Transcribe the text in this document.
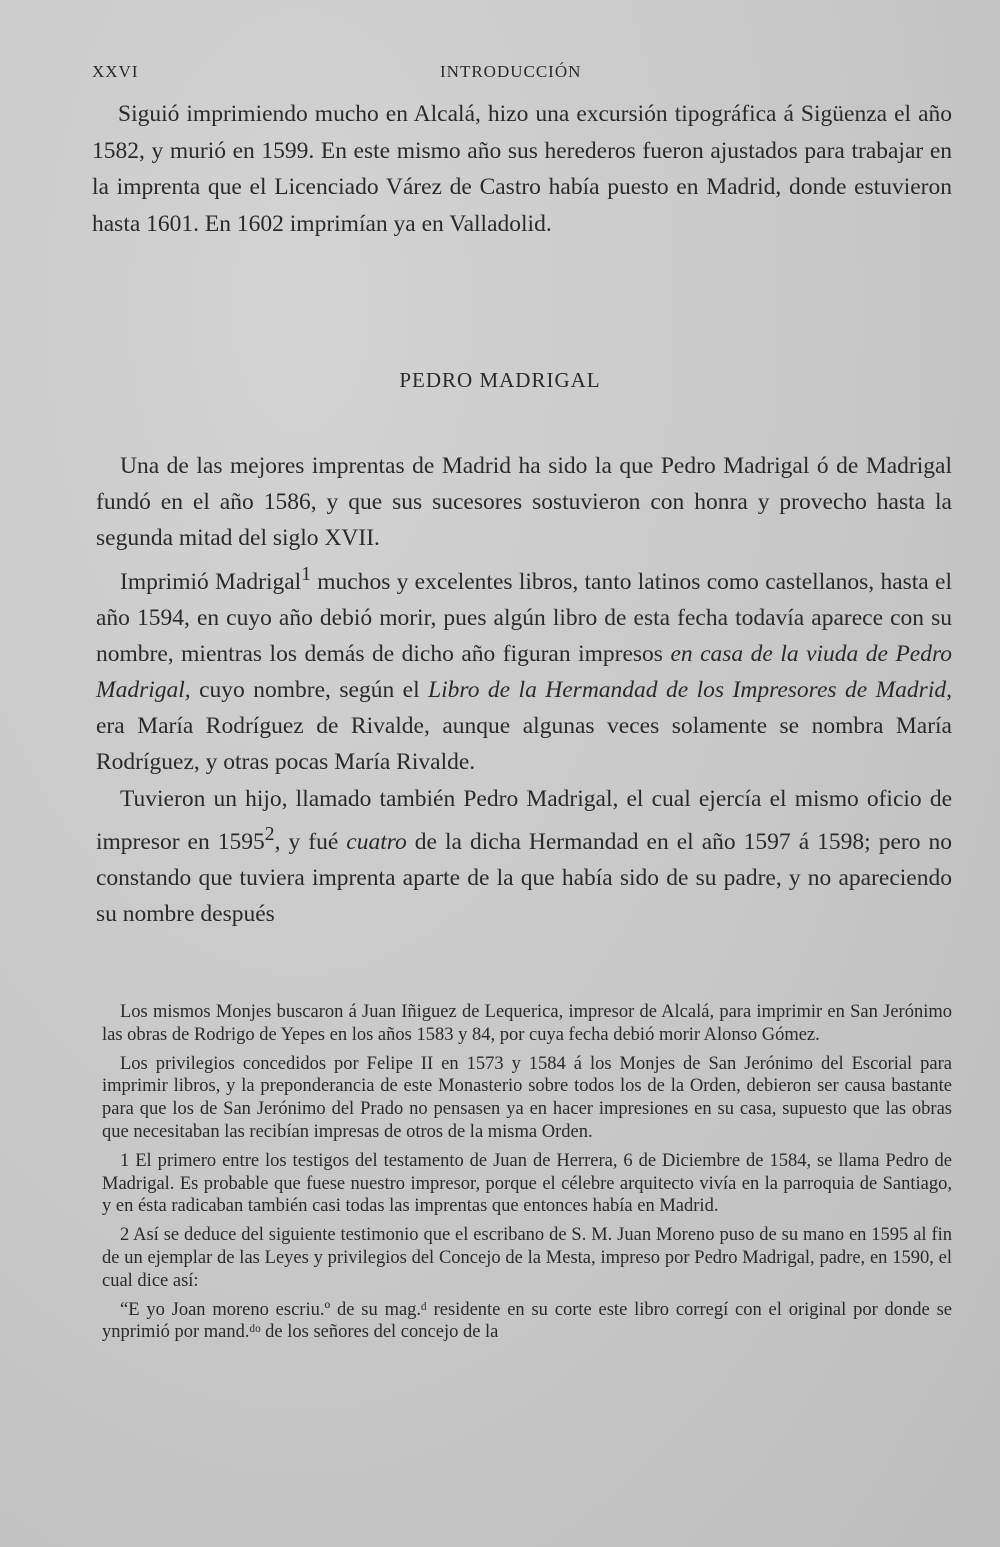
XXVI	INTRODUCCIÓN

Siguió imprimiendo mucho en Alcalá, hizo una excursión tipográfica á Sigüenza el año 1582, y murió en 1599. En este mismo año sus herederos fueron ajustados para trabajar en la imprenta que el Licenciado Várez de Castro había puesto en Madrid, donde estuvieron hasta 1601. En 1602 imprimían ya en Valladolid.

PEDRO MADRIGAL

Una de las mejores imprentas de Madrid ha sido la que Pedro Madrigal ó de Madrigal fundó en el año 1586, y que sus sucesores sostuvieron con honra y provecho hasta la segunda mitad del siglo XVII.

Imprimió Madrigal$^1$ muchos y excelentes libros, tanto latinos como castellanos, hasta el año 1594, en cuyo año debió morir, pues algún libro de esta fecha todavía aparece con su nombre, mientras los demás de dicho año figuran impresos en casa de la viuda de Pedro Madrigal, cuyo nombre, según el Libro de la Hermandad de los Impresores de Madrid, era María Rodríguez de Rivalde, aunque algunas veces solamente se nombra María Rodríguez, y otras pocas María Rivalde.

Tuvieron un hijo, llamado también Pedro Madrigal, el cual ejercía el mismo oficio de impresor en 1595$^2$, y fué cuatro de la dicha Hermandad en el año 1597 á 1598; pero no constando que tuviera imprenta aparte de la que había sido de su padre, y no apareciendo su nombre después

Los mismos Monjes buscaron á Juan Iñiguez de Lequerica, impresor de Alcalá, para imprimir en San Jerónimo las obras de Rodrigo de Yepes en los años 1583 y 84, por cuya fecha debió morir Alonso Gómez.

Los privilegios concedidos por Felipe II en 1573 y 1584 á los Monjes de San Jerónimo del Escorial para imprimir libros, y la preponderancia de este Monasterio sobre todos los de la Orden, debieron ser causa bastante para que los de San Jerónimo del Prado no pensasen ya en hacer impresiones en su casa, supuesto que las obras que necesitaban las recibían impresas de otros de la misma Orden.

1 El primero entre los testigos del testamento de Juan de Herrera, 6 de Diciembre de 1584, se llama Pedro de Madrigal. Es probable que fuese nuestro impresor, porque el célebre arquitecto vivía en la parroquia de Santiago, y en ésta radicaban también casi todas las imprentas que entonces había en Madrid.

2 Así se deduce del siguiente testimonio que el escribano de S. M. Juan Moreno puso de su mano en 1595 al fin de un ejemplar de las Leyes y privilegios del Concejo de la Mesta, impreso por Pedro Madrigal, padre, en 1590, el cual dice así:

“E yo Joan moreno escriu.º de su mag.ᵈ residente en su corte este libro corregí con el original por donde se ynprimió por mand.ᵈᵒ de los señores del concejo de la
